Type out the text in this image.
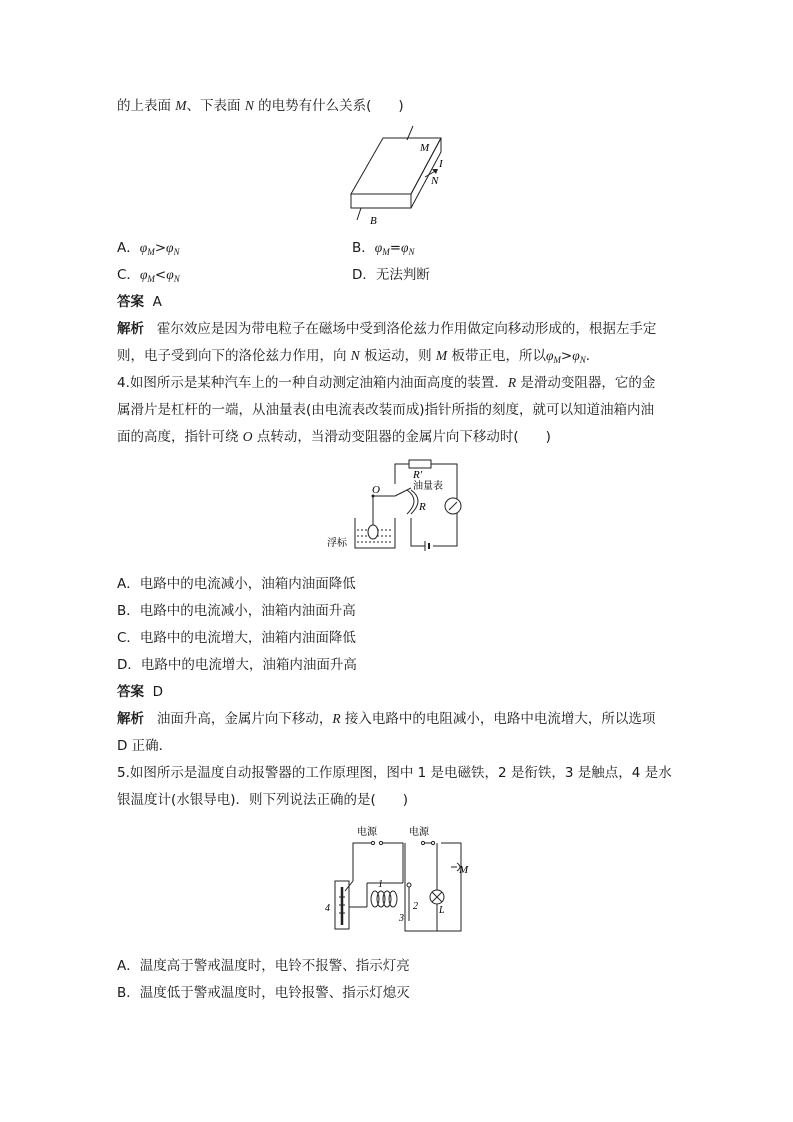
的上表面 M、下表面 N 的电势有什么关系(　　)
M
I
N
B
A．$\varphi_M>\varphi_N$	B．$\varphi_M=\varphi_N$
C．$\varphi_M<\varphi_N$	D．无法判断
答案 A
解析 霍尔效应是因为带电粒子在磁场中受到洛伦兹力作用做定向移动形成的，根据左手定
则，电子受到向下的洛伦兹力作用，向 N 板运动，则 M 板带正电，所以$\varphi_M>\varphi_N$.
4.如图所示是某种汽车上的一种自动测定油箱内油面高度的装置．R 是滑动变阻器，它的金
属滑片是杠杆的一端，从油量表(由电流表改装而成)指针所指的刻度，就可以知道油箱内油
面的高度，指针可绕 O 点转动，当滑动变阻器的金属片向下移动时(　　)
R′
O	油量表
R
浮标
A．电路中的电流减小，油箱内油面降低
B．电路中的电流减小，油箱内油面升高
C．电路中的电流增大，油箱内油面降低
D．电路中的电流增大，油箱内油面升高
答案 D
解析 油面升高，金属片向下移动，R 接入电路中的电阻减小，电路中电流增大，所以选项
D 正确．
5.如图所示是温度自动报警器的工作原理图，图中 1 是电磁铁，2 是衔铁，3 是触点，4 是水
银温度计(水银导电)．则下列说法正确的是(　　)
电源	电源
M
L
1
2
3
4
A．温度高于警戒温度时，电铃不报警、指示灯亮
B．温度低于警戒温度时，电铃报警、指示灯熄灭
